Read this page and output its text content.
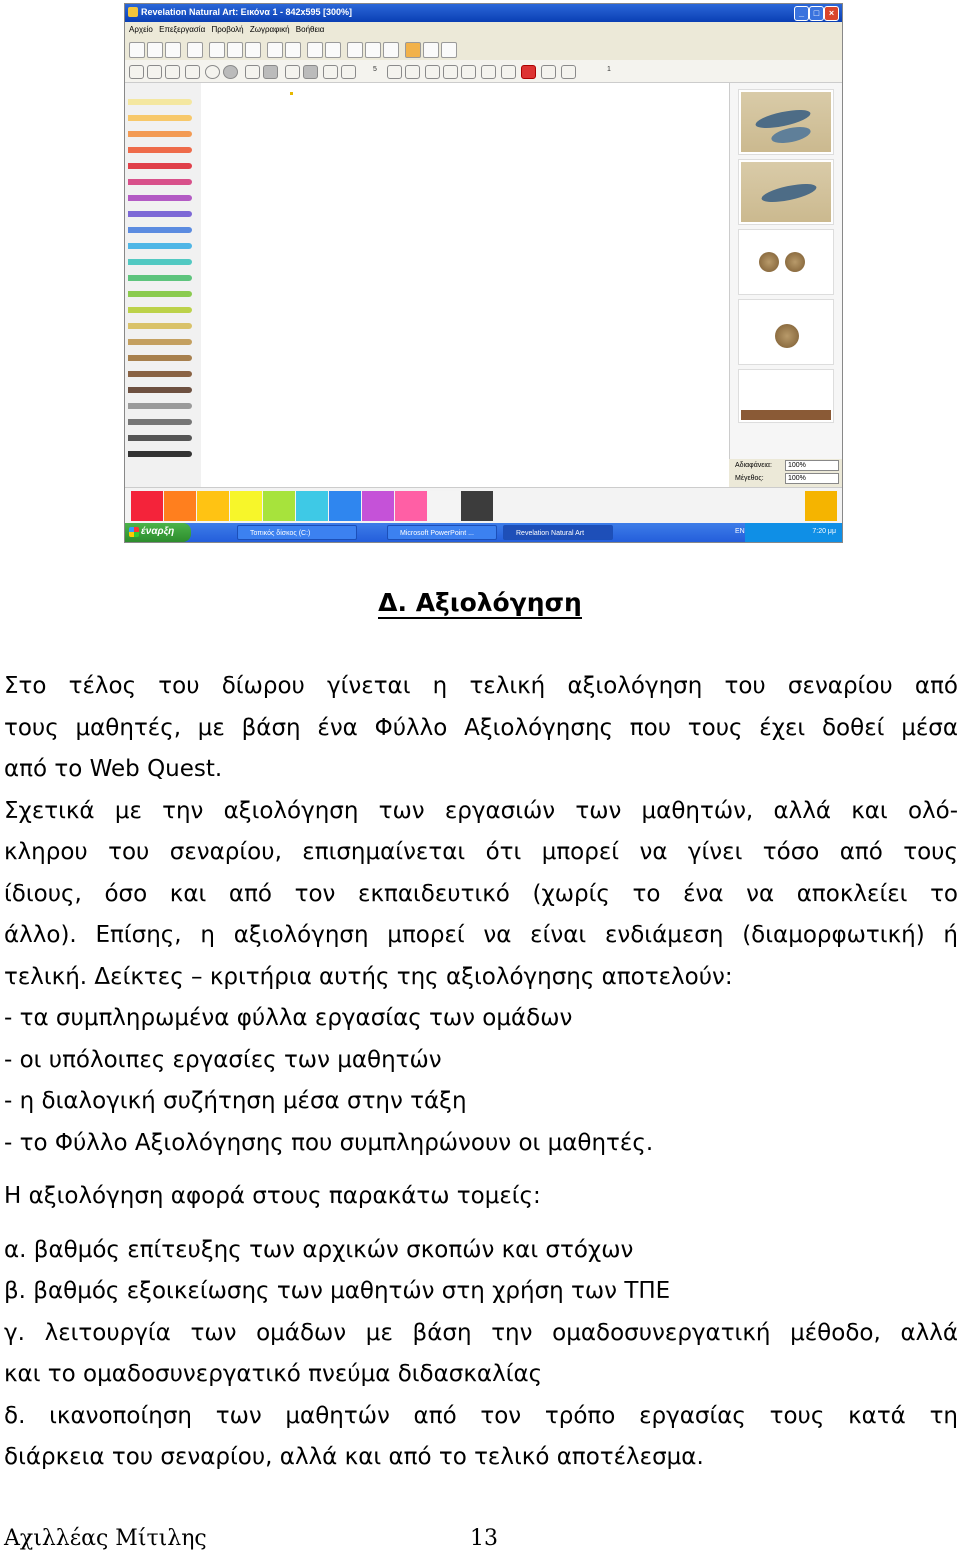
Revelation Natural Art: Εικόνα 1 - 842x595 [300%]	_	□	×
Αρχείο Επεξεργασία Προβολή Ζωγραφική Βοήθεια
5	1
Αδιαφάνεια:	100%
Μέγεθος:	100%
έναρξη	Τοπικός δίσκος (C:)	Microsoft PowerPoint ...	Revelation Natural Art	EN	7:20 μμ
Δ. Αξιολόγηση
Στο τέλος του δίωρου γίνεται η τελική αξιολόγηση του σεναρίου από
τους μαθητές, με βάση ένα Φύλλο Αξιολόγησης που τους έχει δοθεί μέσα
από το Web Quest.
Σχετικά με την αξιολόγηση των εργασιών των μαθητών, αλλά και ολό-
κληρου του σεναρίου, επισημαίνεται ότι μπορεί να γίνει τόσο από τους
ίδιους, όσο και από τον εκπαιδευτικό (χωρίς το ένα να αποκλείει το
άλλο). Επίσης, η αξιολόγηση μπορεί να είναι ενδιάμεση (διαμορφωτική) ή
τελική. Δείκτες – κριτήρια αυτής της αξιολόγησης αποτελούν:
- τα συμπληρωμένα φύλλα εργασίας των ομάδων
- οι υπόλοιπες εργασίες των μαθητών
- η διαλογική συζήτηση μέσα στην τάξη
- το Φύλλο Αξιολόγησης που συμπληρώνουν οι μαθητές.
Η αξιολόγηση αφορά στους παρακάτω τομείς:
α. βαθμός επίτευξης των αρχικών σκοπών και στόχων
β. βαθμός εξοικείωσης των μαθητών στη χρήση των ΤΠΕ
γ. λειτουργία των ομάδων με βάση την ομαδοσυνεργατική μέθοδο, αλλά
και το ομαδοσυνεργατικό πνεύμα διδασκαλίας
δ. ικανοποίηση των μαθητών από τον τρόπο εργασίας τους κατά τη
διάρκεια του σεναρίου, αλλά και από το τελικό αποτέλεσμα.
Αχιλλέας Μίτιλης	13
